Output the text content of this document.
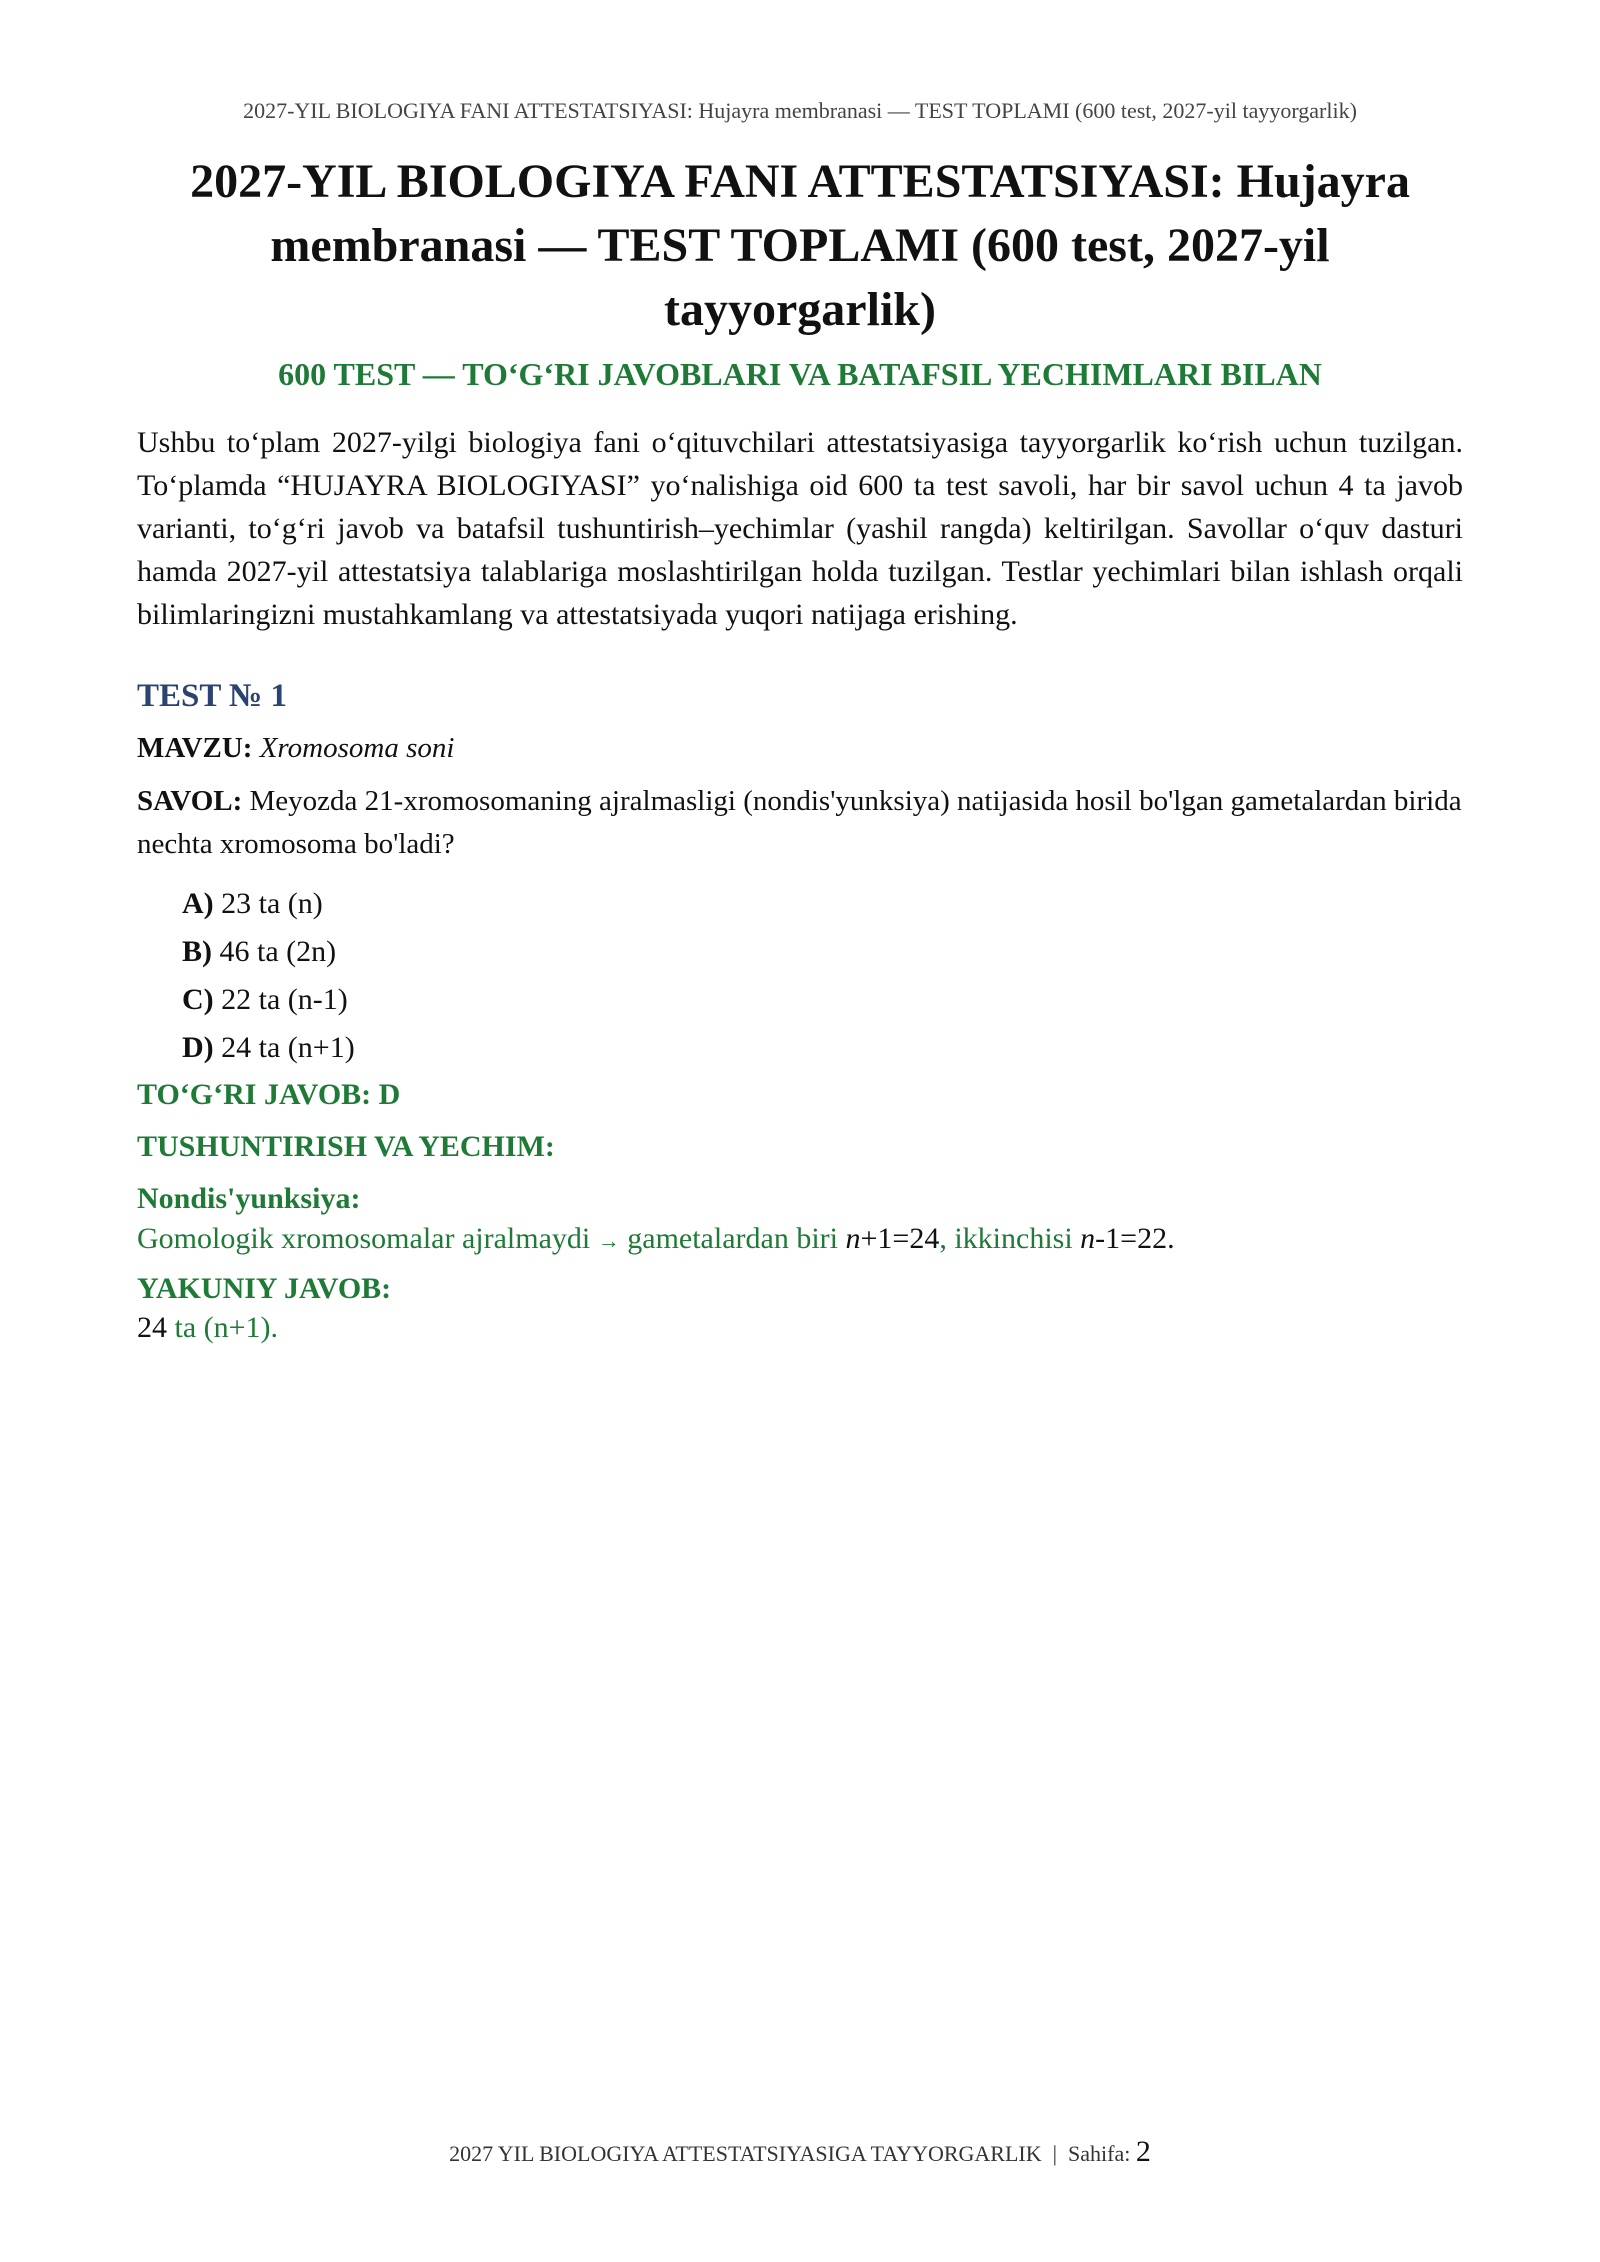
2027-YIL BIOLOGIYA FANI ATTESTATSIYASI: Hujayra membranasi — TEST TOPLAMI (600 test, 2027-yil tayyorgarlik)
2027-YIL BIOLOGIYA FANI ATTESTATSIYASI: Hujayra membranasi — TEST TOPLAMI (600 test, 2027-yil tayyorgarlik)
600 TEST — TO‘G‘RI JAVOBLARI VA BATAFSIL YECHIMLARI BILAN
Ushbu to‘plam 2027-yilgi biologiya fani o‘qituvchilari attestatsiyasiga tayyorgarlik ko‘rish uchun tuzilgan. To‘plamda “HUJAYRA BIOLOGIYASI” yo‘nalishiga oid 600 ta test savoli, har bir savol uchun 4 ta javob varianti, to‘g‘ri javob va batafsil tushuntirish–yechimlar (yashil rangda) keltirilgan. Savollar o‘quv dasturi hamda 2027-yil attestatsiya talablariga moslashtirilgan holda tuzilgan. Testlar yechimlari bilan ishlash orqali bilimlaringizni mustahkamlang va attestatsiyada yuqori natijaga erishing.
TEST № 1
MAVZU: Xromosoma soni
SAVOL: Meyozda 21-xromosomaning ajralmasligi (nondis'yunksiya) natijasida hosil bo'lgan gametalardan birida nechta xromosoma bo'ladi?
A) 23 ta (n)
B) 46 ta (2n)
C) 22 ta (n-1)
D) 24 ta (n+1)
TO‘G‘RI JAVOB: D
TUSHUNTIRISH VA YECHIM:
Nondis'yunksiya:
Gomologik xromosomalar ajralmaydi → gametalardan biri n+1=24, ikkinchisi n-1=22.
YAKUNIY JAVOB:
24 ta (n+1).
2027 YIL BIOLOGIYA ATTESTATSIYASIGA TAYYORGARLIK | Sahifa: 2
